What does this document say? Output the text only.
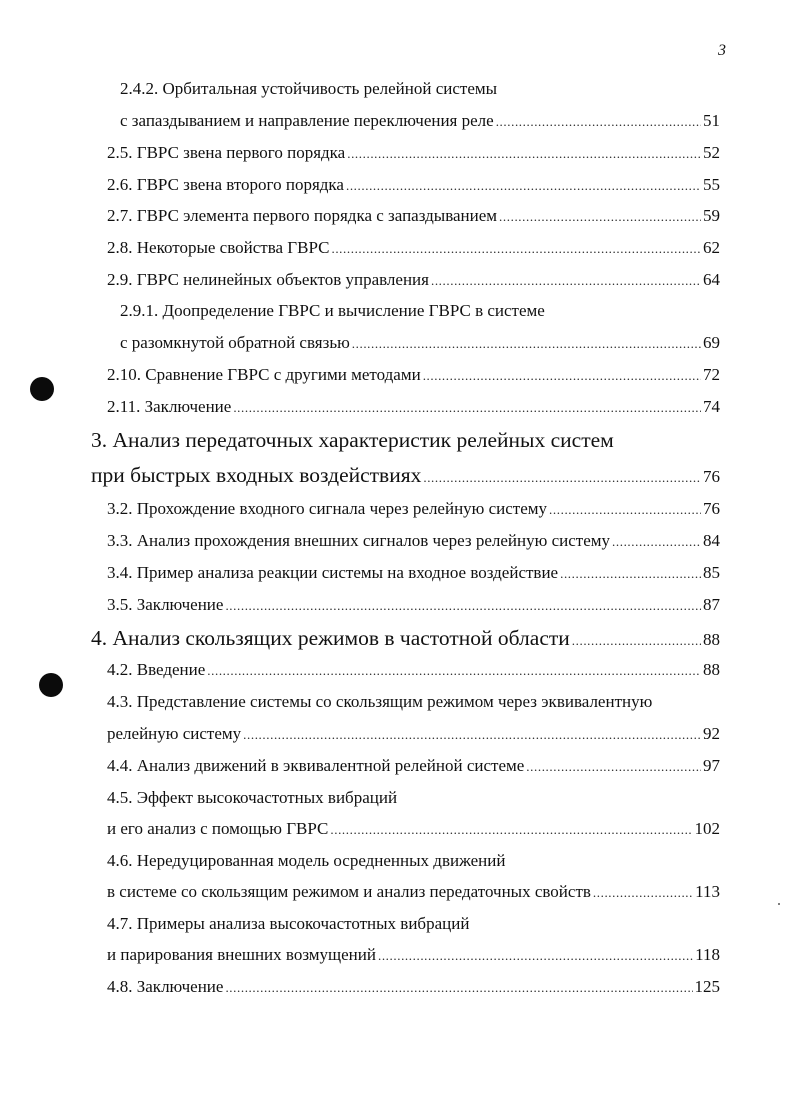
3
2.4.2. Орбитальная устойчивость релейной системы
с запаздыванием и направление переключения реле .....	51
2.5. ГВРС звена первого порядка .....	52
2.6. ГВРС звена второго порядка .....	55
2.7. ГВРС элемента первого порядка с запаздыванием .....	59
2.8. Некоторые свойства ГВРС .....	62
2.9. ГВРС нелинейных объектов управления .....	64
2.9.1. Доопределение ГВРС и вычисление ГВРС в системе
с разомкнутой обратной связью .....	69
2.10. Сравнение ГВРС с другими методами .....	72
2.11. Заключение .....	74
3. Анализ передаточных характеристик релейных систем
при быстрых входных воздействиях .....	76
3.2. Прохождение входного сигнала через релейную систему .....	76
3.3. Анализ прохождения внешних сигналов через релейную систему .....	84
3.4. Пример анализа реакции системы на входное воздействие .....	85
3.5. Заключение .....	87
4. Анализ скользящих режимов в частотной области .....	88
4.2. Введение .....	88
4.3. Представление системы со скользящим режимом через эквивалентную
релейную систему .....	92
4.4. Анализ движений в эквивалентной релейной системе .....	97
4.5. Эффект высокочастотных вибраций
и его анализ с помощью ГВРС .....	102
4.6. Нередуцированная модель осредненных движений
в системе со скользящим режимом и анализ передаточных свойств .....	113
4.7. Примеры анализа высокочастотных вибраций
и парирования внешних возмущений .....	118
4.8. Заключение .....	125
